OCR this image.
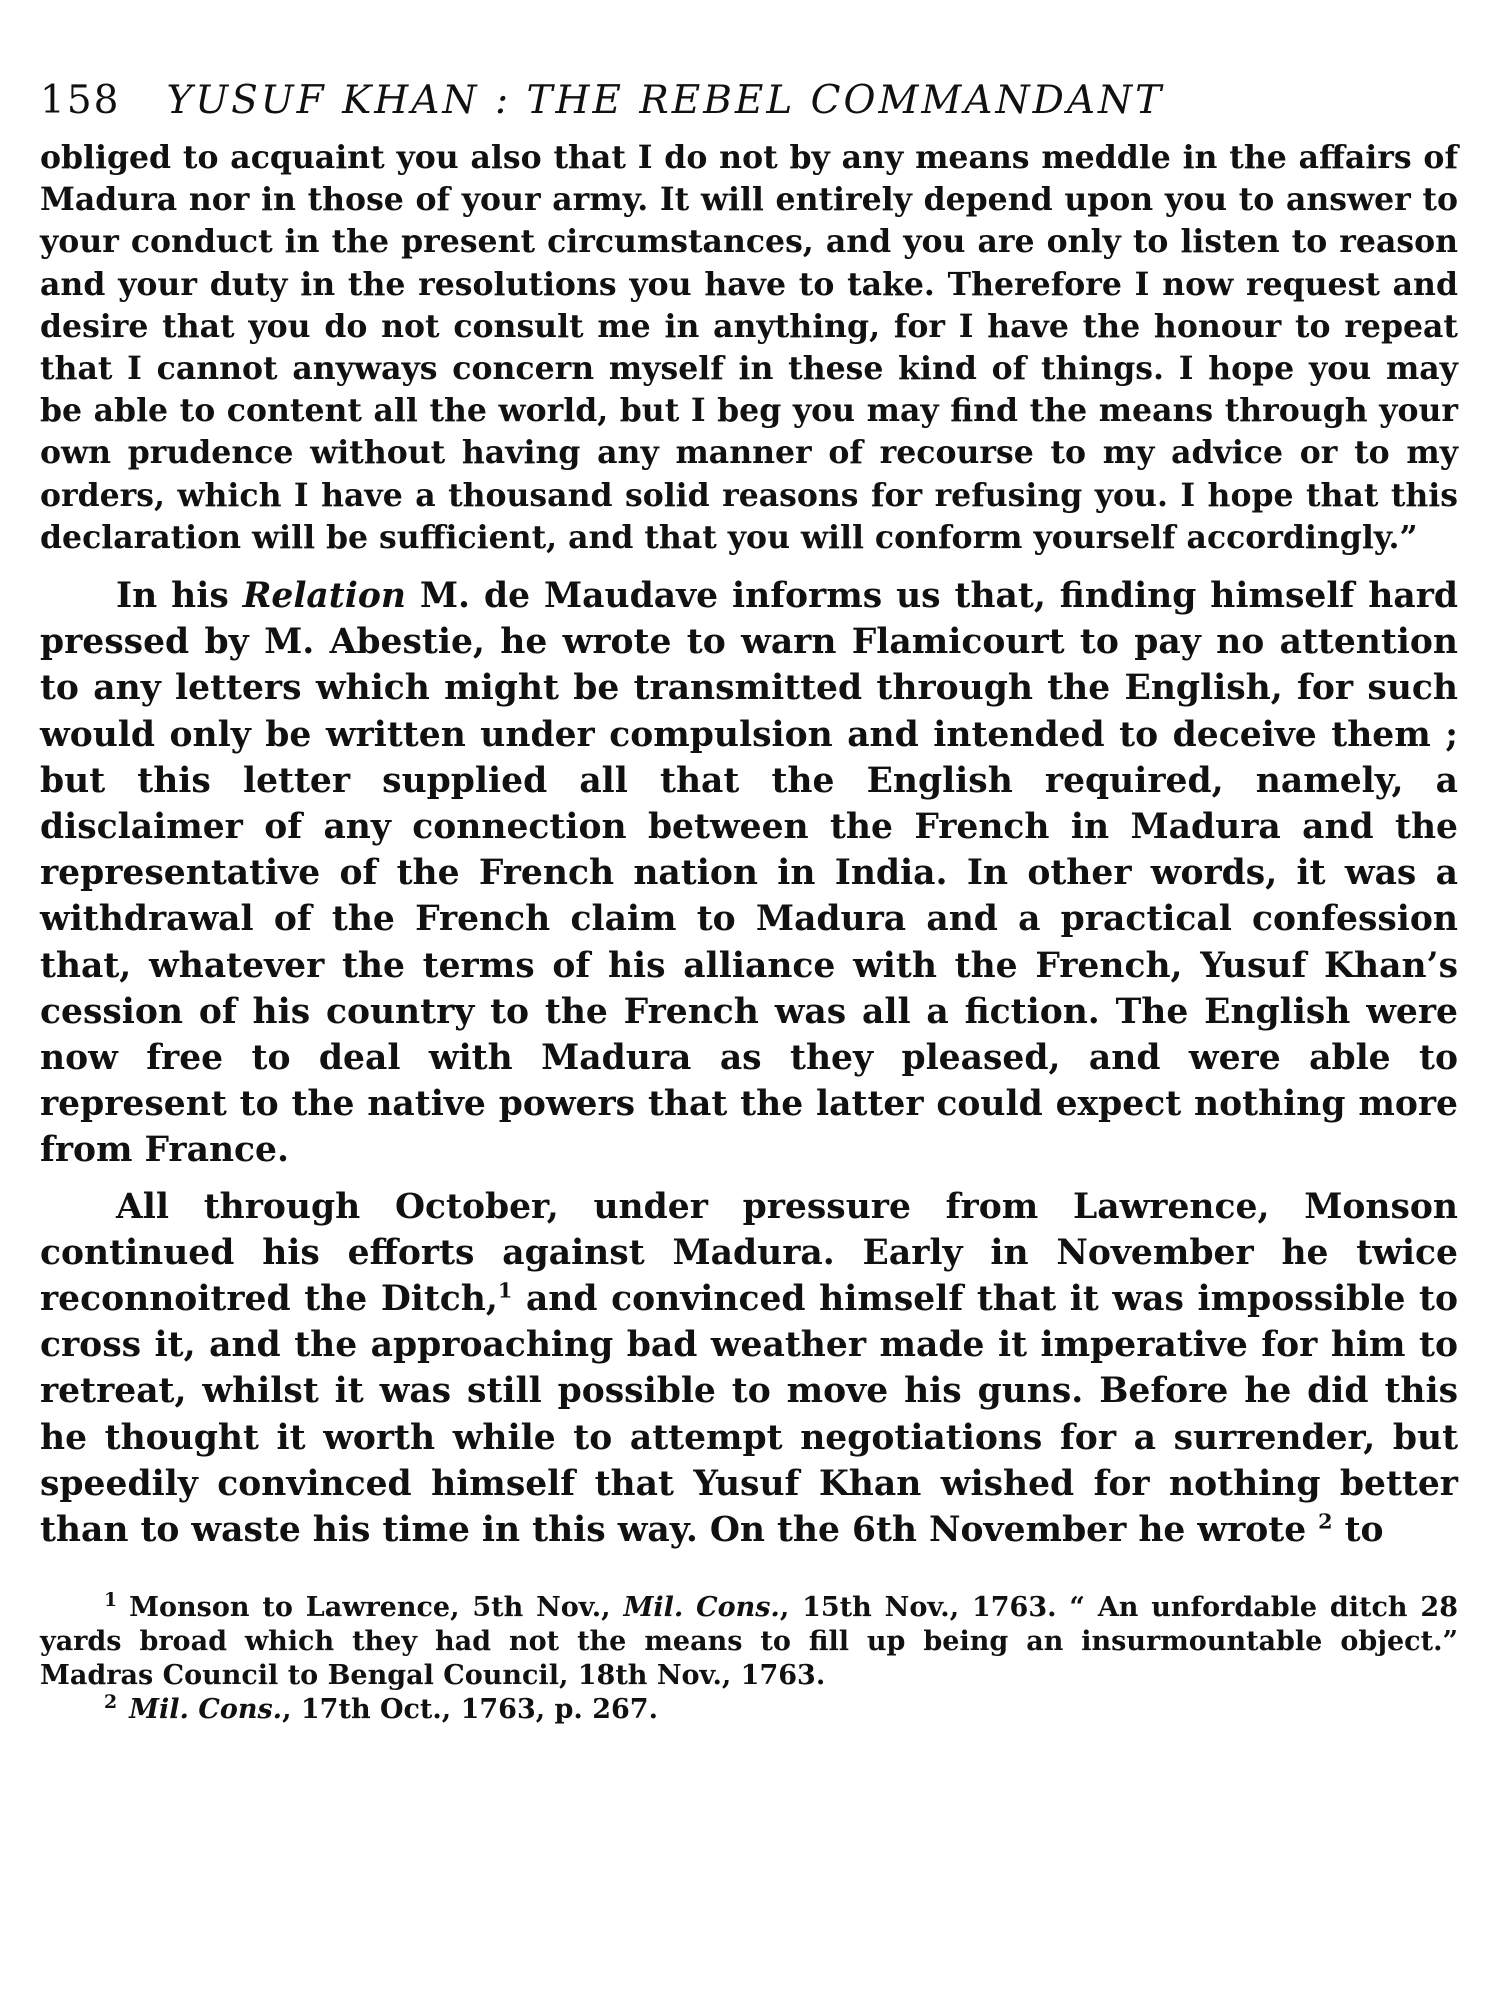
158 YUSUF KHAN : THE REBEL COMMANDANT

obliged to acquaint you also that I do not by any means meddle in the affairs of Madura nor in those of your army. It will entirely depend upon you to answer to your conduct in the present circumstances, and you are only to listen to reason and your duty in the resolutions you have to take. Therefore I now request and desire that you do not consult me in anything, for I have the honour to repeat that I cannot anyways concern myself in these kind of things. I hope you may be able to content all the world, but I beg you may find the means through your own prudence without having any manner of recourse to my advice or to my orders, which I have a thousand solid reasons for refusing you. I hope that this declaration will be sufficient, and that you will conform yourself accordingly.”

In his Relation M. de Maudave informs us that, finding himself hard pressed by M. Abestie, he wrote to warn Flamicourt to pay no attention to any letters which might be transmitted through the English, for such would only be written under compulsion and intended to deceive them ; but this letter supplied all that the English required, namely, a disclaimer of any connection between the French in Madura and the representative of the French nation in India. In other words, it was a withdrawal of the French claim to Madura and a practical confession that, whatever the terms of his alliance with the French, Yusuf Khan’s cession of his country to the French was all a fiction. The English were now free to deal with Madura as they pleased, and were able to represent to the native powers that the latter could expect nothing more from France.

All through October, under pressure from Lawrence, Monson continued his efforts against Madura. Early in November he twice reconnoitred the Ditch,$^1$ and convinced himself that it was impossible to cross it, and the approaching bad weather made it imperative for him to retreat, whilst it was still possible to move his guns. Before he did this he thought it worth while to attempt negotiations for a surrender, but speedily convinced himself that Yusuf Khan wished for nothing better than to waste his time in this way. On the 6th November he wrote $^2$ to

$^1$ Monson to Lawrence, 5th Nov., Mil. Cons., 15th Nov., 1763. “ An unfordable ditch 28 yards broad which they had not the means to fill up being an insurmountable object.” Madras Council to Bengal Council, 18th Nov., 1763.

$^2$ Mil. Cons., 17th Oct., 1763, p. 267.
